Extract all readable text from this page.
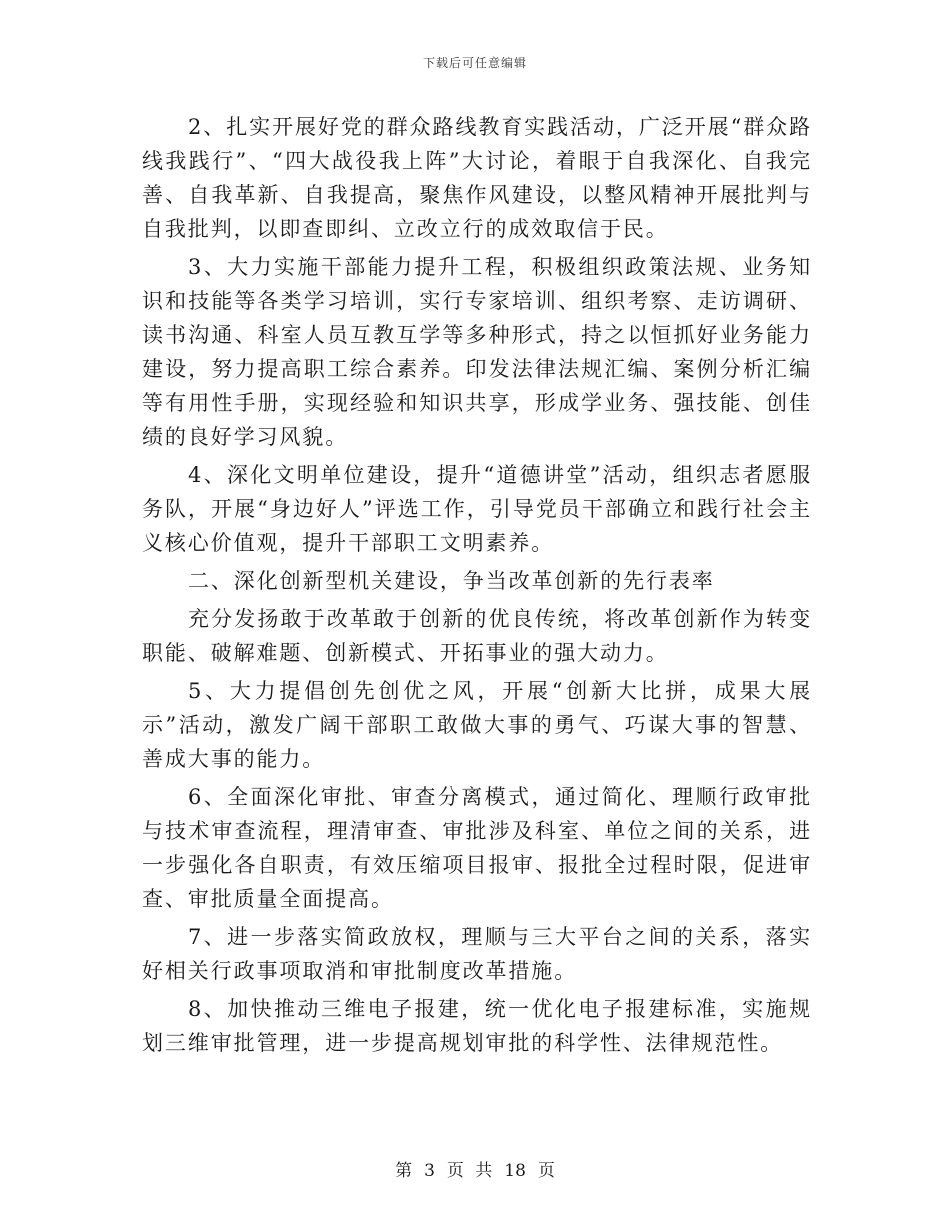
下载后可任意编辑

2、扎实开展好党的群众路线教育实践活动，广泛开展“群众路线我践行”、“四大战役我上阵”大讨论，着眼于自我深化、自我完善、自我革新、自我提高，聚焦作风建设，以整风精神开展批判与自我批判，以即查即纠、立改立行的成效取信于民。

3、大力实施干部能力提升工程，积极组织政策法规、业务知识和技能等各类学习培训，实行专家培训、组织考察、走访调研、读书沟通、科室人员互教互学等多种形式，持之以恒抓好业务能力建设，努力提高职工综合素养。印发法律法规汇编、案例分析汇编等有用性手册，实现经验和知识共享，形成学业务、强技能、创佳绩的良好学习风貌。

4、深化文明单位建设，提升“道德讲堂”活动，组织志者愿服务队，开展“身边好人”评选工作，引导党员干部确立和践行社会主义核心价值观，提升干部职工文明素养。

二、深化创新型机关建设，争当改革创新的先行表率

充分发扬敢于改革敢于创新的优良传统，将改革创新作为转变职能、破解难题、创新模式、开拓事业的强大动力。

5、大力提倡创先创优之风，开展“创新大比拼，成果大展示”活动，激发广阔干部职工敢做大事的勇气、巧谋大事的智慧、善成大事的能力。

6、全面深化审批、审查分离模式，通过简化、理顺行政审批与技术审查流程，理清审查、审批涉及科室、单位之间的关系，进一步强化各自职责，有效压缩项目报审、报批全过程时限，促进审查、审批质量全面提高。

7、进一步落实简政放权，理顺与三大平台之间的关系，落实好相关行政事项取消和审批制度改革措施。

8、加快推动三维电子报建，统一优化电子报建标准，实施规划三维审批管理，进一步提高规划审批的科学性、法律规范性。

第 3 页 共 18 页
